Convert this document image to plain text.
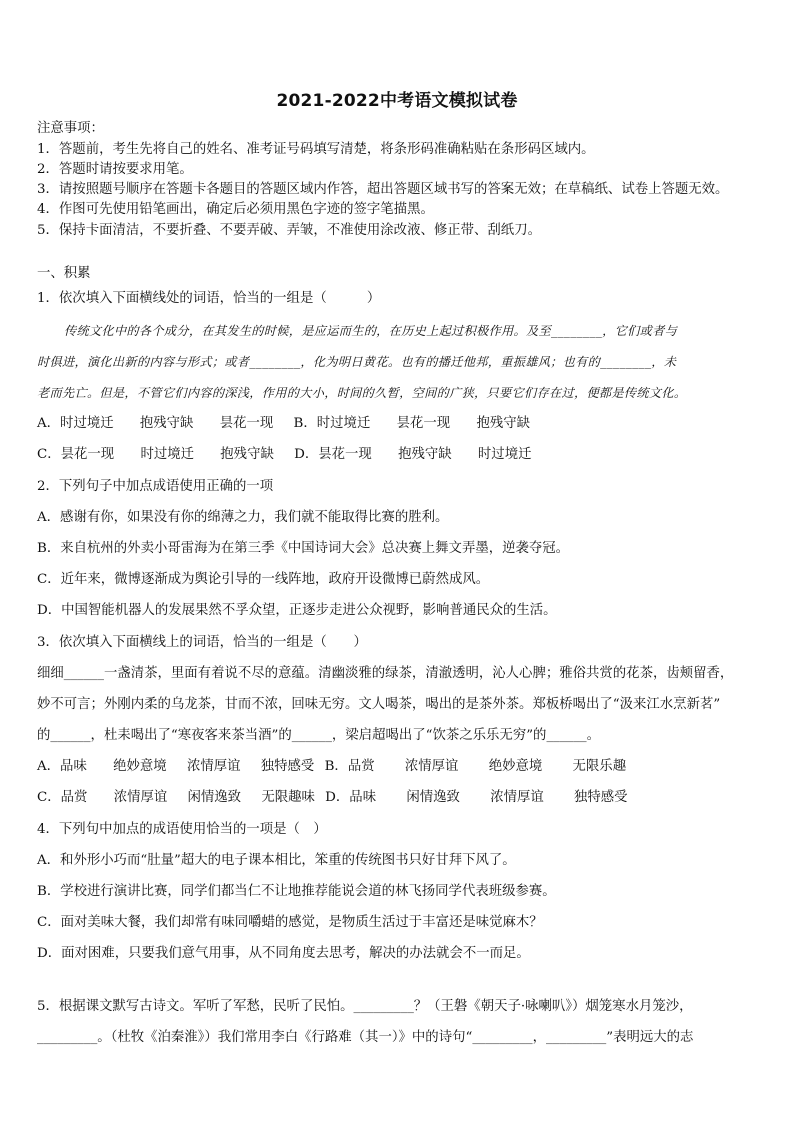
2021-2022中考语文模拟试卷
注意事项：
1．答题前，考生先将自己的姓名、准考证号码填写清楚，将条形码准确粘贴在条形码区域内。
2．答题时请按要求用笔。
3．请按照题号顺序在答题卡各题目的答题区域内作答，超出答题区域书写的答案无效；在草稿纸、试卷上答题无效。
4．作图可先使用铅笔画出，确定后必须用黑色字迹的签字笔描黑。
5．保持卡面清洁，不要折叠、不要弄破、弄皱，不准使用涂改液、修正带、刮纸刀。
一、积累
1．依次填入下面横线处的词语，恰当的一组是（　　　）
传统文化中的各个成分，在其发生的时候，是应运而生的，在历史上起过积极作用。及至________，它们或者与
时俱进，演化出新的内容与形式；或者________，化为明日黄花。也有的播迁他邦，重振雄风；也有的________，未
老而先亡。但是，不管它们内容的深浅，作用的大小，时间的久暂，空间的广狭，只要它们存在过，便都是传统文化。
A．时过境迁 抱残守缺 昙花一现 B．时过境迁 昙花一现 抱残守缺
C．昙花一现 时过境迁 抱残守缺 D．昙花一现 抱残守缺 时过境迁
2．下列句子中加点成语使用正确的一项
A．感谢有你，如果没有你的绵薄之力，我们就不能取得比赛的胜利。
B．来自杭州的外卖小哥雷海为在第三季《中国诗词大会》总决赛上舞文弄墨，逆袭夺冠。
C．近年来，微博逐渐成为舆论引导的一线阵地，政府开设微博已蔚然成风。
D．中国智能机器人的发展果然不孚众望，正逐步走进公众视野，影响普通民众的生活。
3．依次填入下面横线上的词语，恰当的一组是（　　）
细细______一盏清茶，里面有着说不尽的意蕴。清幽淡雅的绿茶，清澈透明，沁人心脾；雅俗共赏的花茶，齿颊留香，
妙不可言；外刚内柔的乌龙茶，甘而不浓，回味无穷。文人喝茶，喝出的是茶外茶。郑板桥喝出了“汲来江水烹新茗”
的______，杜耒喝出了“寒夜客来茶当酒”的______，梁启超喝出了“饮茶之乐乐无穷”的______。
A．品味 绝妙意境 浓情厚谊 独特感受 B．品赏 浓情厚谊 绝妙意境 无限乐趣
C．品赏 浓情厚谊 闲情逸致 无限趣味 D．品味 闲情逸致 浓情厚谊 独特感受
4．下列句中加点的成语使用恰当的一项是（　）
A．和外形小巧而“肚量”超大的电子课本相比，笨重的传统图书只好甘拜下风了。
B．学校进行演讲比赛，同学们都当仁不让地推荐能说会道的林飞扬同学代表班级参赛。
C．面对美味大餐，我们却常有味同嚼蜡的感觉，是物质生活过于丰富还是味觉麻木？
D．面对困难，只要我们意气用事，从不同角度去思考，解决的办法就会不一而足。
5．根据课文默写古诗文。军听了军愁，民听了民怕。_________？（王磐《朝天子·咏喇叭》）烟笼寒水月笼沙，
_________。（杜牧《泊秦淮》）我们常用李白《行路难（其一）》中的诗句“_________，_________”表明远大的志
